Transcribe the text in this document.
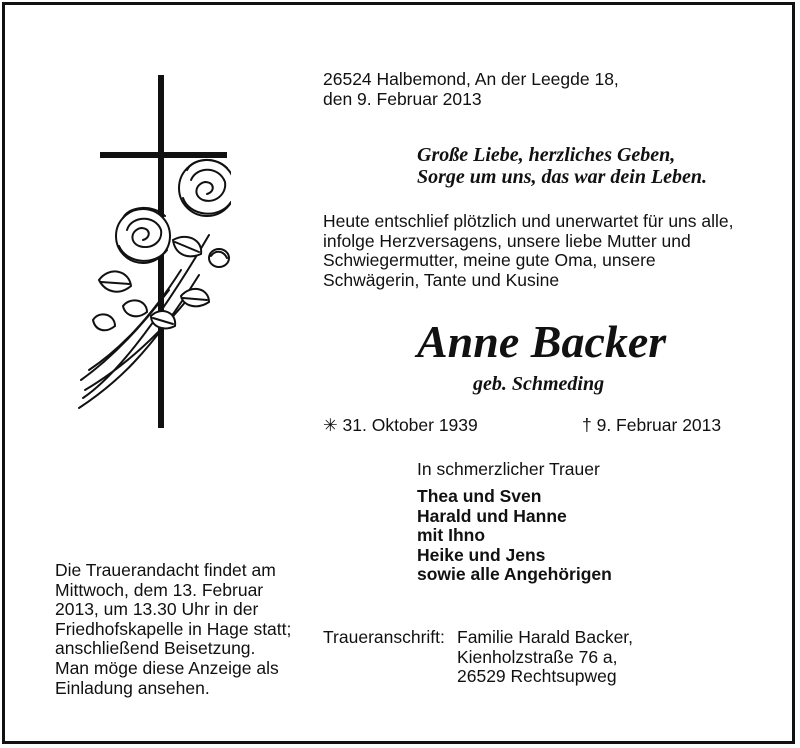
26524 Halbemond, An der Leegde 18,
den 9. Februar 2013
Große Liebe, herzliches Geben,
Sorge um uns, das war dein Leben.
Heute entschlief plötzlich und unerwartet für uns alle,
infolge Herzversagens, unsere liebe Mutter und
Schwiegermutter, meine gute Oma, unsere
Schwägerin, Tante und Kusine
Anne Backer
geb. Schmeding
✳ 31. Oktober 1939	† 9. Februar 2013
In schmerzlicher Trauer
Thea und Sven
Harald und Hanne
mit Ihno
Heike und Jens
sowie alle Angehörigen
Die Trauerandacht findet am
Mittwoch, dem 13. Februar
2013, um 13.30 Uhr in der
Friedhofskapelle in Hage statt;
anschließend Beisetzung.
Man möge diese Anzeige als
Einladung ansehen.
Traueranschrift: Familie Harald Backer,
Kienholzstraße 76 a,
26529 Rechtsupweg
